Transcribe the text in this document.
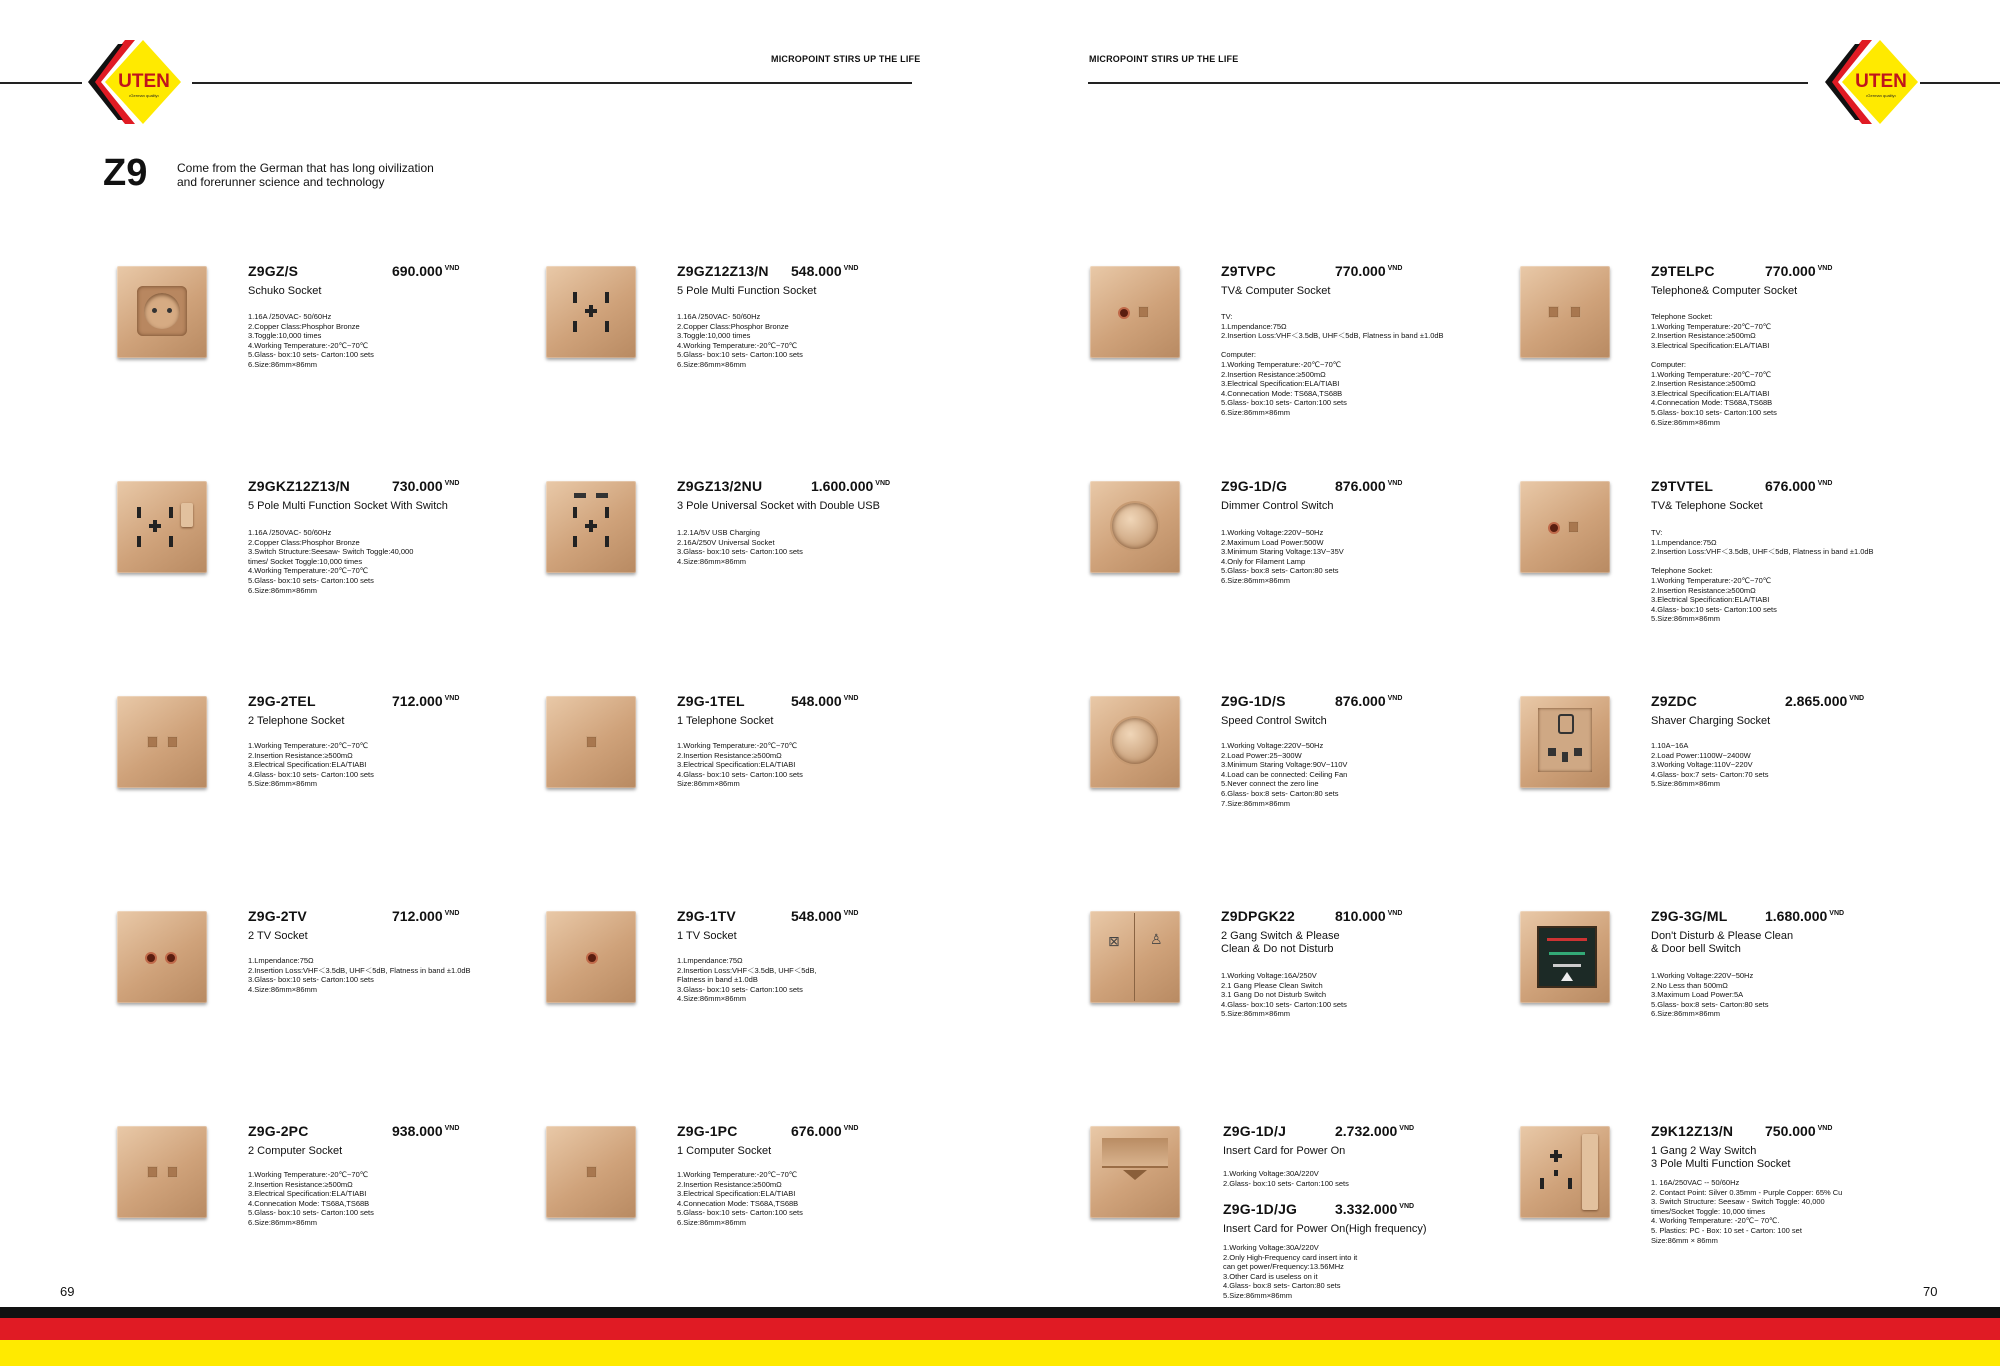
MICROPOINT STIRS UP THE LIFE	MICROPOINT STIRS UP THE LIFE
UTEN
•German quality•
UTEN
•German quality•
Z9 Come from the German that has long oivilization
and forerunner science and technology
Z9GZ/S	690.000 $^{VND}$
Schuko Socket
1.16A /250VAC- 50/60Hz
2.Copper Class:Phosphor Bronze
3.Toggle:10,000 times
4.Working Temperature:-20℃~70℃
5.Glass- box:10 sets- Carton:100 sets
6.Size:86mm×86mm
Z9GZ12Z13/N 548.000 $^{VND}$
5 Pole Multi Function Socket
1.16A /250VAC- 50/60Hz
2.Copper Class:Phosphor Bronze
3.Toggle:10,000 times
4.Working Temperature:-20℃~70℃
5.Glass- box:10 sets- Carton:100 sets
6.Size:86mm×86mm
Z9TVPC	770.000 $^{VND}$
TV& Computer Socket
TV:
1.Lmpendance:75Ω
2.Insertion Loss:VHF＜3.5dB, UHF＜5dB, Flatness in band ±1.0dB

Computer:
1.Working Temperature:-20℃~70℃
2.Insertion Resistance:≥500mΩ
3.Electrical Specification:ELA/TIABI
4.Connecation Mode: TS68A,TS68B
5.Glass- box:10 sets- Carton:100 sets
6.Size:86mm×86mm
Z9TELPC	770.000 $^{VND}$
Telephone& Computer Socket
Telephone Socket:
1.Working Temperature:-20℃~70℃
2.Insertion Resistance:≥500mΩ
3.Electrical Specification:ELA/TIABI

Computer:
1.Working Temperature:-20℃~70℃
2.Insertion Resistance:≥500mΩ
3.Electrical Specification:ELA/TIABI
4.Connecation Mode: TS68A,TS68B
5.Glass- box:10 sets- Carton:100 sets
6.Size:86mm×86mm
Z9GKZ12Z13/N	730.000 $^{VND}$
5 Pole Multi Function Socket With Switch
1.16A /250VAC- 50/60Hz
2.Copper Class:Phosphor Bronze
3.Switch Structure:Seesaw- Switch Toggle:40,000
times/ Socket Toggle:10,000 times
4.Working Temperature:-20℃~70℃
5.Glass- box:10 sets- Carton:100 sets
6.Size:86mm×86mm
Z9GZ13/2NU	1.600.000 $^{VND}$
3 Pole Universal Socket with Double USB
1.2.1A/5V USB Charging
2.16A/250V Universal Socket
3.Glass- box:10 sets- Carton:100 sets
4.Size:86mm×86mm
Z9G-1D/G	876.000 $^{VND}$
Dimmer Control Switch
1.Working Voltage:220V~50Hz
2.Maximum Load Power:500W
3.Minimum Staring Voltage:13V~35V
4.Only for Filament Lamp
5.Glass- box:8 sets- Carton:80 sets
6.Size:86mm×86mm
Z9TVTEL	676.000 $^{VND}$
TV& Telephone Socket
TV:
1.Lmpendance:75Ω
2.Insertion Loss:VHF＜3.5dB, UHF＜5dB, Flatness in band ±1.0dB

Telephone Socket:
1.Working Temperature:-20℃~70℃
2.Insertion Resistance:≥500mΩ
3.Electrical Specification:ELA/TIABI
4.Glass- box:10 sets- Carton:100 sets
5.Size:86mm×86mm
Z9G-2TEL	712.000 $^{VND}$
2 Telephone Socket
1.Working Temperature:-20℃~70℃
2.Insertion Resistance:≥500mΩ
3.Electrical Specification:ELA/TIABI
4.Glass- box:10 sets- Carton:100 sets
5.Size:86mm×86mm
Z9G-1TEL	548.000 $^{VND}$
1 Telephone Socket
1.Working Temperature:-20℃~70℃
2.Insertion Resistance:≥500mΩ
3.Electrical Specification:ELA/TIABI
4.Glass- box:10 sets- Carton:100 sets
Size:86mm×86mm
Z9G-1D/S	876.000 $^{VND}$
Speed Control Switch
1.Working Voltage:220V~50Hz
2.Load Power:25~300W
3.Minimum Staring Voltage:90V~110V
4.Load can be connected: Ceiling Fan
5.Never connect the zero line
6.Glass- box:8 sets- Carton:80 sets
7.Size:86mm×86mm
Z9ZDC	2.865.000 $^{VND}$
Shaver Charging Socket
1.10A~16A
2.Load Power:1100W~2400W
3.Working Voltage:110V~220V
4.Glass- box:7 sets- Carton:70 sets
5.Size:86mm×86mm
Z9G-2TV	712.000 $^{VND}$
2 TV Socket
1.Lmpendance:75Ω
2.Insertion Loss:VHF＜3.5dB, UHF＜5dB, Flatness in band ±1.0dB
3.Glass- box:10 sets- Carton:100 sets
4.Size:86mm×86mm
Z9G-1TV	548.000 $^{VND}$
1 TV Socket
1.Lmpendance:75Ω
2.Insertion Loss:VHF＜3.5dB, UHF＜5dB,
Flatness in band ±1.0dB
3.Glass- box:10 sets- Carton:100 sets
4.Size:86mm×86mm
⊠ ♙
Z9DPGK22	810.000 $^{VND}$
2 Gang Switch & Please
Clean & Do not Disturb
1.Working Voltage:16A/250V
2.1 Gang Please Clean Switch
3.1 Gang Do not Disturb Switch
4.Glass- box:10 sets- Carton:100 sets
5.Size:86mm×86mm
Z9G-3G/ML	1.680.000 $^{VND}$
Don't Disturb & Please Clean
& Door bell Switch
1.Working Voltage:220V~50Hz
2.No Less than 500mΩ
3.Maximum Load Power:5A
5.Glass- box:8 sets- Carton:80 sets
6.Size:86mm×86mm
Z9G-2PC	938.000 $^{VND}$
2 Computer Socket
1.Working Temperature:-20℃~70℃
2.Insertion Resistance:≥500mΩ
3.Electrical Specification:ELA/TIABI
4.Connecation Mode: TS68A,TS68B
5.Glass- box:10 sets- Carton:100 sets
6.Size:86mm×86mm
Z9G-1PC	676.000 $^{VND}$
1 Computer Socket
1.Working Temperature:-20℃~70℃
2.Insertion Resistance:≥500mΩ
3.Electrical Specification:ELA/TIABI
4.Connecation Mode: TS68A,TS68B
5.Glass- box:10 sets- Carton:100 sets
6.Size:86mm×86mm
Z9G-1D/J	2.732.000 $^{VND}$
Insert Card for Power On
1.Working Voltage:30A/220V
2.Glass- box:10 sets- Carton:100 sets
Z9G-1D/JG	3.332.000 $^{VND}$
Insert Card for Power On(High frequency)
1.Working Voltage:30A/220V
2.Only High-Frequency card insert into it
can get power/Frequency:13.56MHz
3.Other Card is useless on it
4.Glass- box:8 sets- Carton:80 sets
5.Size:86mm×86mm
Z9K12Z13/N 750.000 $^{VND}$
1 Gang 2 Way Switch
3 Pole Multi Function Socket
1. 16A/250VAC -- 50/60Hz
2. Contact Point: Silver 0.35mm - Purple Copper: 65% Cu
3. Switch Structure: Seesaw - Switch Toggle: 40,000
times/Socket Toggle: 10,000 times
4. Working Temperature: -20℃~ 70℃.
5. Plastics: PC - Box: 10 set - Carton: 100 set
Size:86mm × 86mm
69	70
